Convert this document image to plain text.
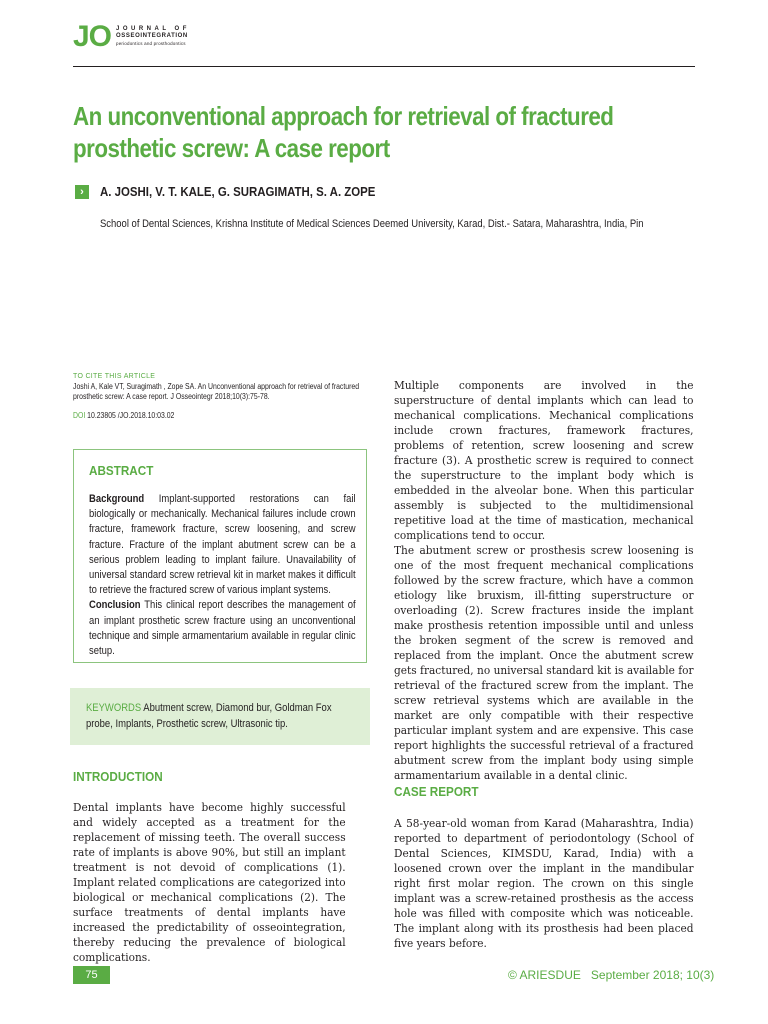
JO JOURNAL OF
OSSEOINTEGRATION
periodontics and prosthodontics
An unconventional approach for retrieval of fractured prosthetic screw: A case report
›	A. JOSHI, V. T. KALE, G. SURAGIMATH, S. A. ZOPE
School of Dental Sciences, Krishna Institute of Medical Sciences Deemed University, Karad, Dist.- Satara, Maharashtra, India, Pin
TO CITE THIS ARTICLE
Joshi A, Kale VT, Suragimath , Zope SA. An Unconventional approach for retrieval of fractured prosthetic screw: A case report. J Osseointegr 2018;10(3):75-78.
DOI 10.23805 /JO.2018.10:03.02
ABSTRACT
Background Implant-supported restorations can fail biologically or mechanically. Mechanical failures include crown fracture, framework fracture, screw loosening, and screw fracture. Fracture of the implant abutment screw can be a serious problem leading to implant failure. Unavailability of universal standard screw retrieval kit in market makes it difficult to retrieve the fractured screw of various implant systems.
Conclusion This clinical report describes the management of an implant prosthetic screw fracture using an unconventional technique and simple armamentarium available in regular clinic setup.
KEYWORDS Abutment screw, Diamond bur, Goldman Fox probe, Implants, Prosthetic screw, Ultrasonic tip.
INTRODUCTION
Dental implants have become highly successful and widely accepted as a treatment for the replacement of missing teeth. The overall success rate of implants is above 90%, but still an implant treatment is not devoid of complications (1). Implant related complications are categorized into biological or mechanical complications (2). The surface treatments of dental implants have increased the predictability of osseointegration, thereby reducing the prevalence of biological complications.
Multiple components are involved in the superstructure of dental implants which can lead to mechanical complications. Mechanical complications include crown fractures, framework fractures, problems of retention, screw loosening and screw fracture (3). A prosthetic screw is required to connect the superstructure to the implant body which is embedded in the alveolar bone. When this particular assembly is subjected to the multidimensional repetitive load at the time of mastication, mechanical complications tend to occur.
The abutment screw or prosthesis screw loosening is one of the most frequent mechanical complications followed by the screw fracture, which have a common etiology like bruxism, ill-fitting superstructure or overloading (2). Screw fractures inside the implant make prosthesis retention impossible until and unless the broken segment of the screw is removed and replaced from the implant. Once the abutment screw gets fractured, no universal standard kit is available for retrieval of the fractured screw from the implant. The screw retrieval systems which are available in the market are only compatible with their respective particular implant system and are expensive. This case report highlights the successful retrieval of a fractured abutment screw from the implant body using simple armamentarium available in a dental clinic.
CASE REPORT
A 58-year-old woman from Karad (Maharashtra, India) reported to department of periodontology (School of Dental Sciences, KIMSDU, Karad, India) with a loosened crown over the implant in the mandibular right first molar region. The crown on this single implant was a screw-retained prosthesis as the access hole was filled with composite which was noticeable. The implant along with its prosthesis had been placed five years before.
75	© ARIESDUE September 2018; 10(3)
